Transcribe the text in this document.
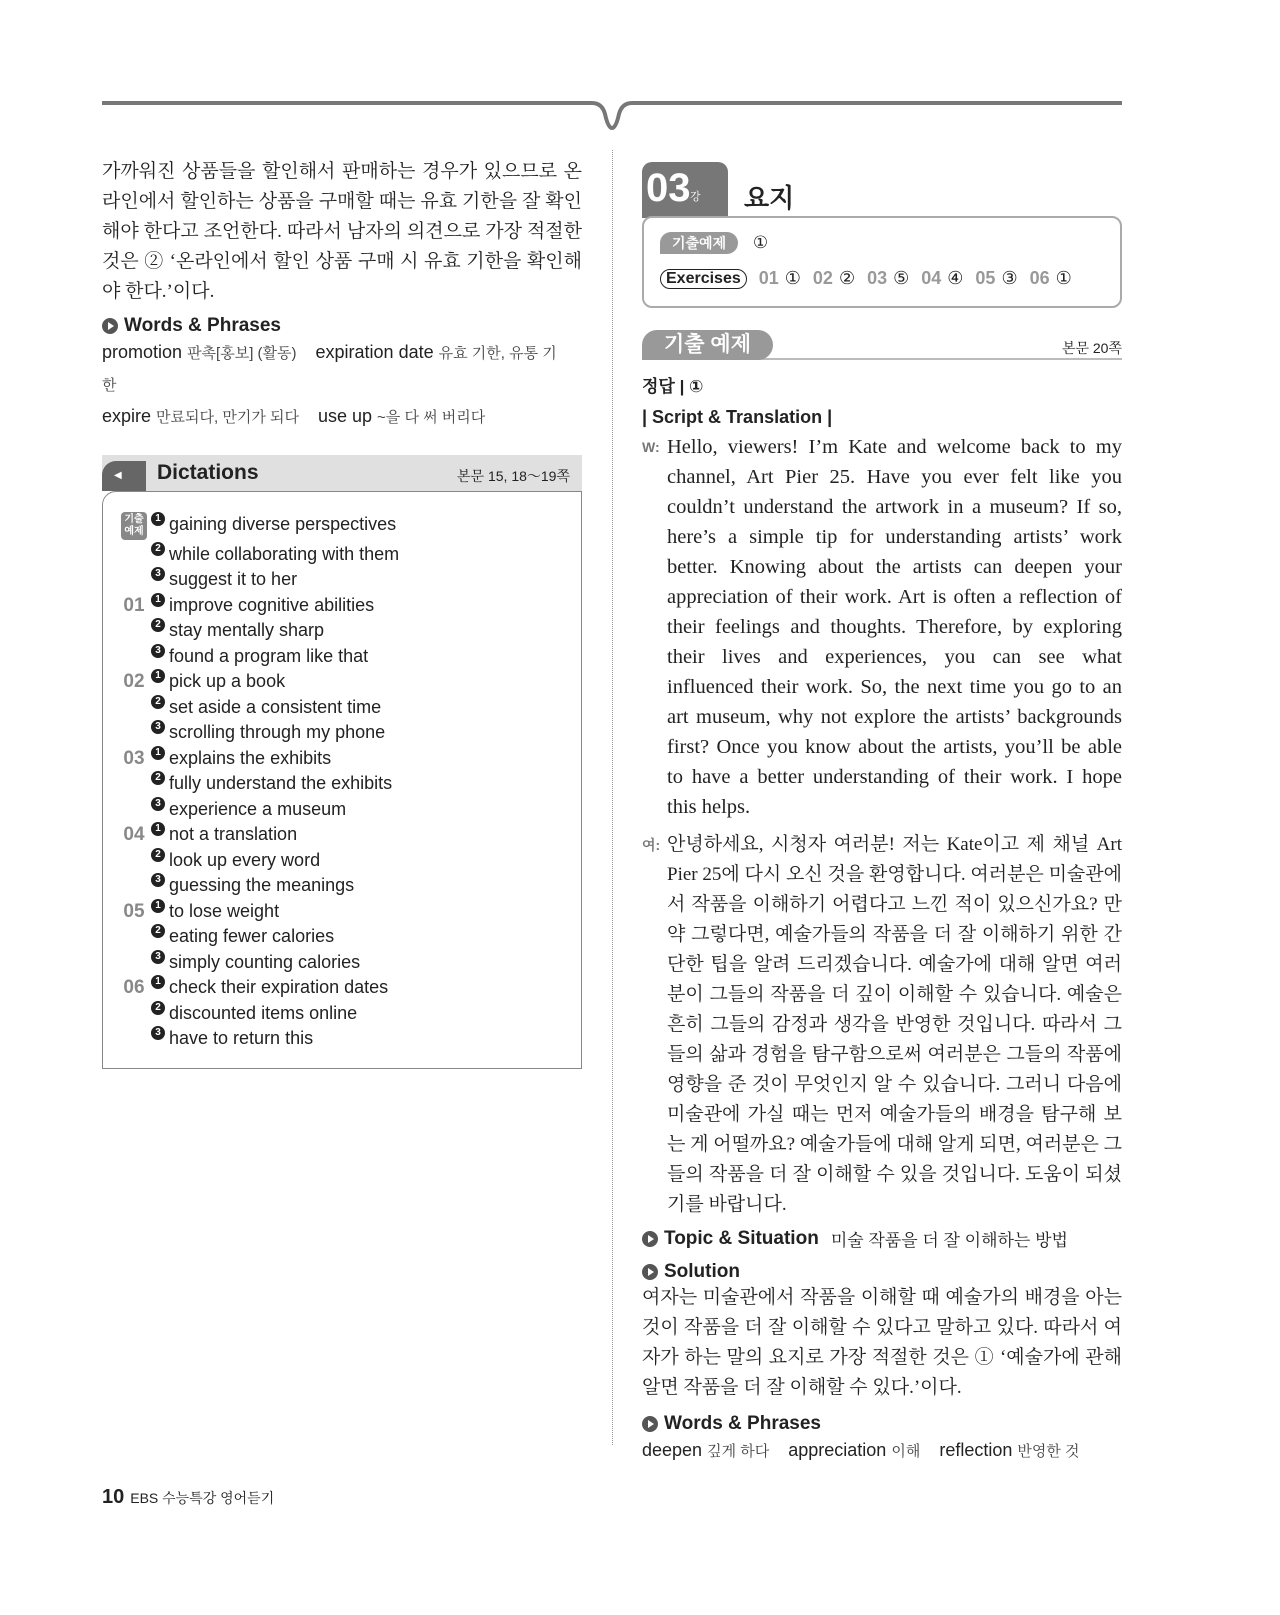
가까워진 상품들을 할인해서 판매하는 경우가 있으므로 온라인에서 할인하는 상품을 구매할 때는 유효 기한을 잘 확인해야 한다고 조언한다. 따라서 남자의 의견으로 가장 적절한 것은 ② ‘온라인에서 할인 상품 구매 시 유효 기한을 확인해야 한다.’이다.

Words & Phrases
promotion 판촉[홍보] (활동) expiration date 유효 기한, 유통 기한
expire 만료되다, 만기가 되다 use up ~을 다 써 버리다
◀	Dictations	본문 15, 18～19쪽
기출 예제
1 gaining diverse perspectives
2 while collaborating with them
3 suggest it to her
01	1 improve cognitive abilities
2 stay mentally sharp
3 found a program like that
02	1 pick up a book
2 set aside a consistent time
3 scrolling through my phone
03	1 explains the exhibits
2 fully understand the exhibits
3 experience a museum
04	1 not a translation
2 look up every word
3 guessing the meanings
05	1 to lose weight
2 eating fewer calories
3 simply counting calories
06	1 check their expiration dates
2 discounted items online
3 have to return this
03 강 요지
기출예제 ①
Exercises	01 ① 02 ② 03 ⑤ 04 ④ 05 ③ 06 ①
기출 예제	본문 20쪽
정답 | ①
| Script & Translation |
W: Hello, viewers! I’m Kate and welcome back to my channel, Art Pier 25. Have you ever felt like you couldn’t understand the artwork in a museum? If so, here’s a simple tip for understanding artists’ work better. Knowing about the artists can deepen your appreciation of their work. Art is often a reflection of their feelings and thoughts. Therefore, by exploring their lives and experiences, you can see what influenced their work. So, the next time you go to an art museum, why not explore the artists’ backgrounds first? Once you know about the artists, you’ll be able to have a better understanding of their work. I hope this helps.

여: 안녕하세요, 시청자 여러분! 저는 Kate이고 제 채널 Art Pier 25에 다시 오신 것을 환영합니다. 여러분은 미술관에서 작품을 이해하기 어렵다고 느낀 적이 있으신가요? 만약 그렇다면, 예술가들의 작품을 더 잘 이해하기 위한 간단한 팁을 알려 드리겠습니다. 예술가에 대해 알면 여러분이 그들의 작품을 더 깊이 이해할 수 있습니다. 예술은 흔히 그들의 감정과 생각을 반영한 것입니다. 따라서 그들의 삶과 경험을 탐구함으로써 여러분은 그들의 작품에 영향을 준 것이 무엇인지 알 수 있습니다. 그러니 다음에 미술관에 가실 때는 먼저 예술가들의 배경을 탐구해 보는 게 어떨까요? 예술가들에 대해 알게 되면, 여러분은 그들의 작품을 더 잘 이해할 수 있을 것입니다. 도움이 되셨기를 바랍니다.

Topic & Situation 미술 작품을 더 잘 이해하는 방법
Solution

여자는 미술관에서 작품을 이해할 때 예술가의 배경을 아는 것이 작품을 더 잘 이해할 수 있다고 말하고 있다. 따라서 여자가 하는 말의 요지로 가장 적절한 것은 ① ‘예술가에 관해 알면 작품을 더 잘 이해할 수 있다.’이다.

Words & Phrases
deepen 깊게 하다 appreciation 이해 reflection 반영한 것
10 EBS 수능특강 영어듣기
